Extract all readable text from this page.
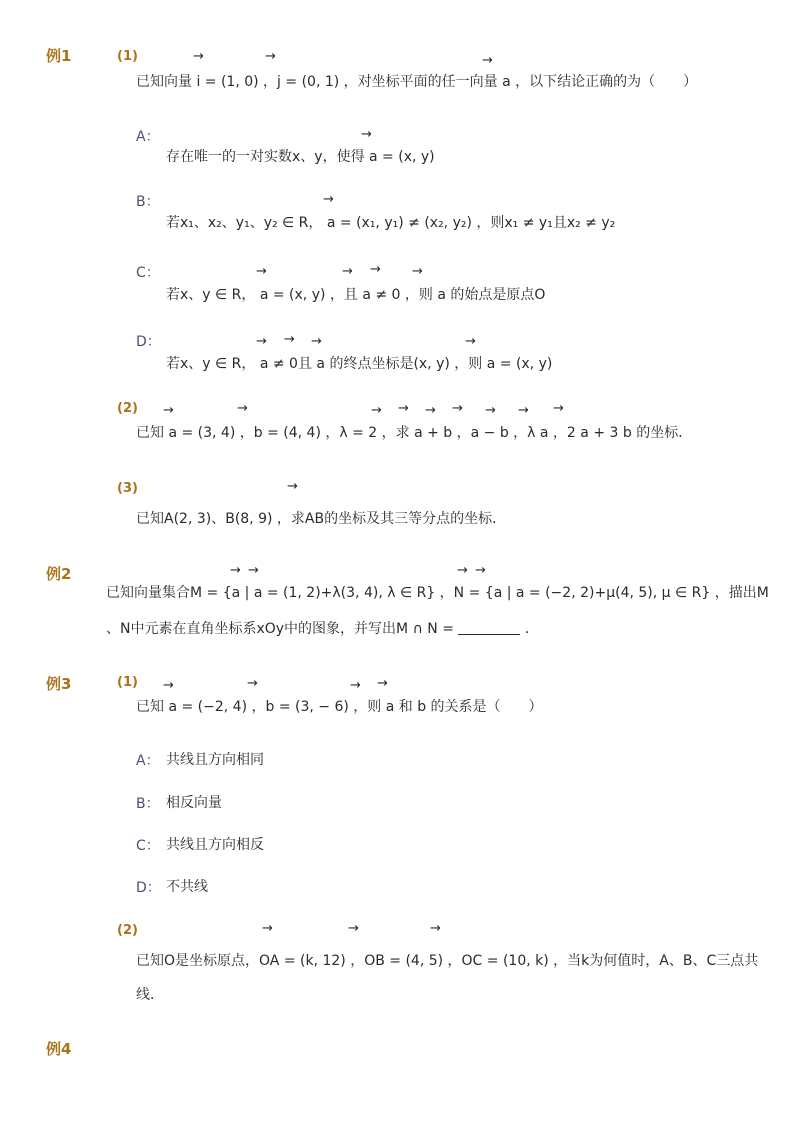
例1	(1)	→	→	→
已知向量 i = (1, 0) ，j = (0, 1) ，对坐标平面的任一向量 a ，以下结论正确的为（　　）
A：	→
存在唯一的一对实数x、y，使得 a = (x, y)
B：	→
若x₁、x₂、y₁、y₂ ∈ R， a = (x₁, y₁) ≠ (x₂, y₂) ，则x₁ ≠ y₁且x₂ ≠ y₂
C：	→	→ → →
若x、y ∈ R， a = (x, y) ，且 a ≠ 0 ，则 a 的始点是原点O
D：	→ → →	→
若x、y ∈ R， a ≠ 0且 a 的终点坐标是(x, y) ，则 a = (x, y)
(2) →	→	→ → → → → → →
已知 a = (3, 4) ，b = (4, 4) ，λ = 2 ，求 a + b ，a − b ，λ a ，2 a + 3 b 的坐标．
(3)	→
已知A(2, 3)、B(8, 9) ，求AB的坐标及其三等分点的坐标．
例2	→ →	→ →
已知向量集合M = {a | a = (1, 2)+λ(3, 4), λ ∈ R} ，N = {a | a = (−2, 2)+μ(4, 5), μ ∈ R} ，描出M
、N中元素在直角坐标系xOy中的图象，并写出M ∩ N =	．
例3	(1) →	→	→ →
已知 a = (−2, 4) ，b = (3, − 6) ，则 a 和 b 的关系是（　　）
A： 共线且方向相同
B： 相反向量
C： 共线且方向相反
D： 不共线
(2)	→	→	→
已知O是坐标原点，OA = (k, 12) ，OB = (4, 5) ，OC = (10, k) ，当k为何值时，A、B、C三点共
线．
例4
